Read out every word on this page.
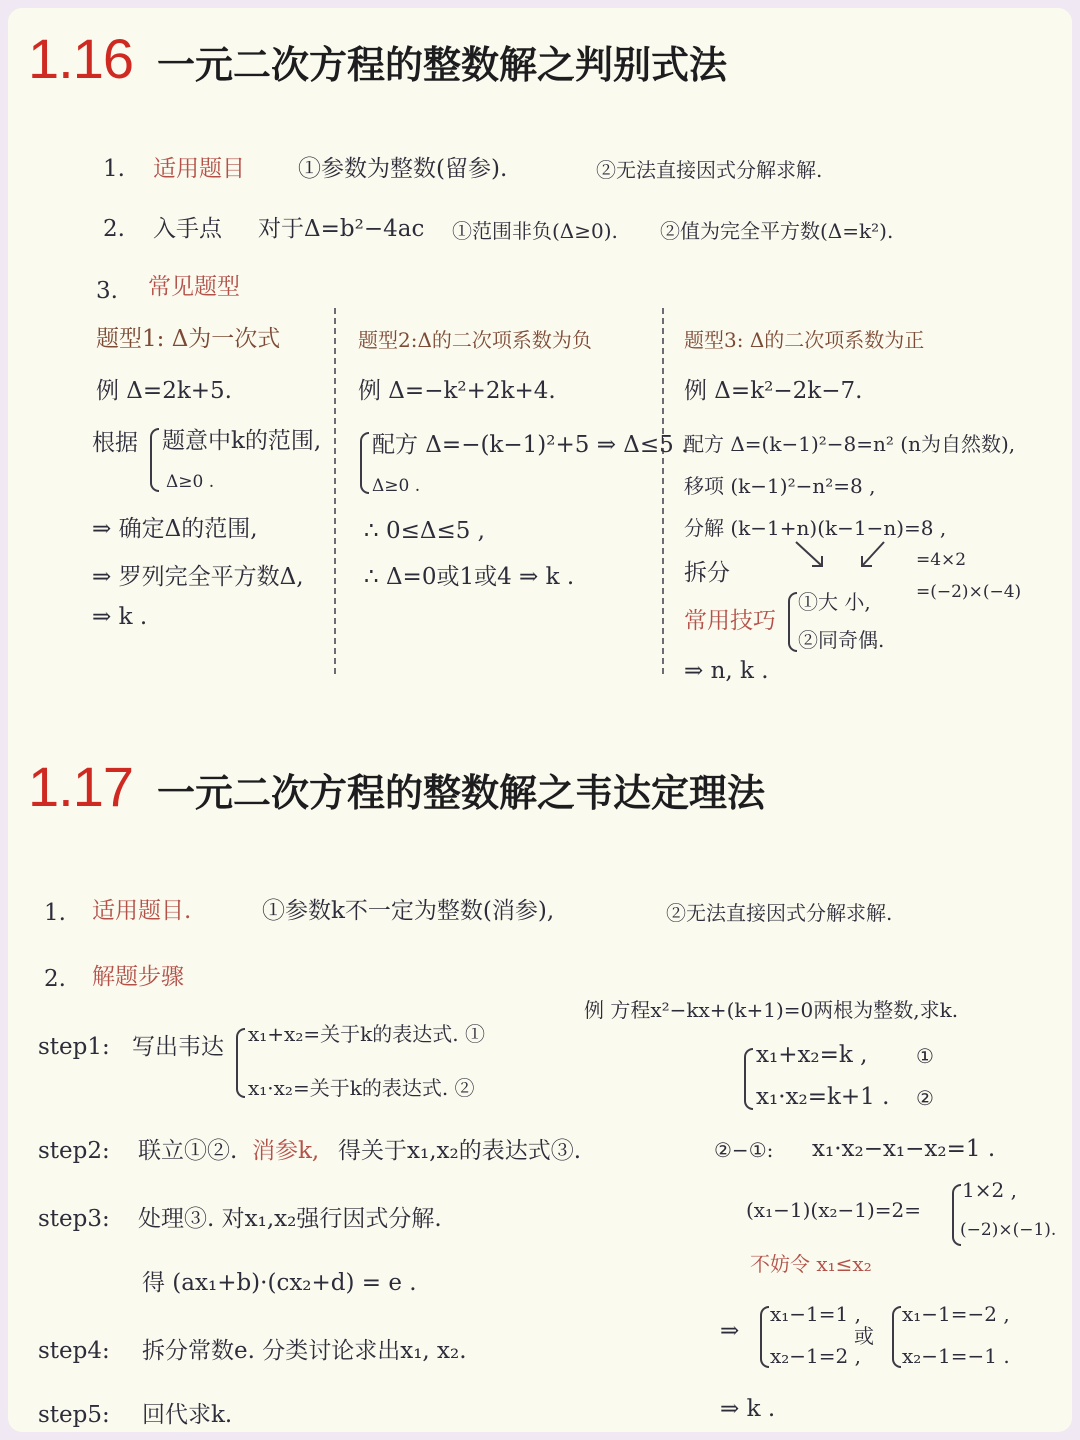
1.16 一元二次方程的整数解之判别式法
1. 适用题目 ①参数为整数(留参).	②无法直接因式分解求解.
2. 入手点 对于Δ=b²−4ac ①范围非负(Δ≥0). ②值为完全平方数(Δ=k²).
3. 常见题型
题型1: Δ为一次式
例 Δ=2k+5.
根据 题意中k的范围,
Δ≥0 .
⇒ 确定Δ的范围,
⇒ 罗列完全平方数Δ,
⇒ k .
题型2:Δ的二次项系数为负
例 Δ=−k²+2k+4.
配方 Δ=−(k−1)²+5 ⇒ Δ≤5 .
Δ≥0 .
∴ 0≤Δ≤5 ,
∴ Δ=0或1或4 ⇒ k .
题型3: Δ的二次项系数为正
例 Δ=k²−2k−7.
配方 Δ=(k−1)²−8=n² (n为自然数),
移项 (k−1)²−n²=8 ,
分解 (k−1+n)(k−1−n)=8 ,
=4×2
=(−2)×(−4)
拆分
常用技巧
①大 小,
②同奇偶.
⇒ n, k .
1.17 一元二次方程的整数解之韦达定理法
1. 适用题目.	①参数k不一定为整数(消参),	②无法直接因式分解求解.
2. 解题步骤
step1: 写出韦达 x₁+x₂=关于k的表达式. ①
x₁·x₂=关于k的表达式. ②
step2: 联立①②. 消参k, 得关于x₁,x₂的表达式③.
step3: 处理③. 对x₁,x₂强行因式分解.
得 (ax₁+b)·(cx₂+d) = e .
step4: 拆分常数e. 分类讨论求出x₁, x₂.
step5: 回代求k.
例 方程x²−kx+(k+1)=0两根为整数,求k.
x₁+x₂=k , ①
x₁·x₂=k+1 . ②
②−①: x₁·x₂−x₁−x₂=1 .
(x₁−1)(x₂−1)=2=
1×2 ,
(−2)×(−1).
不妨令 x₁≤x₂
⇒
x₁−1=1 ,
x₂−1=2 ,
或
x₁−1=−2 ,
x₂−1=−1 .
⇒ k .
